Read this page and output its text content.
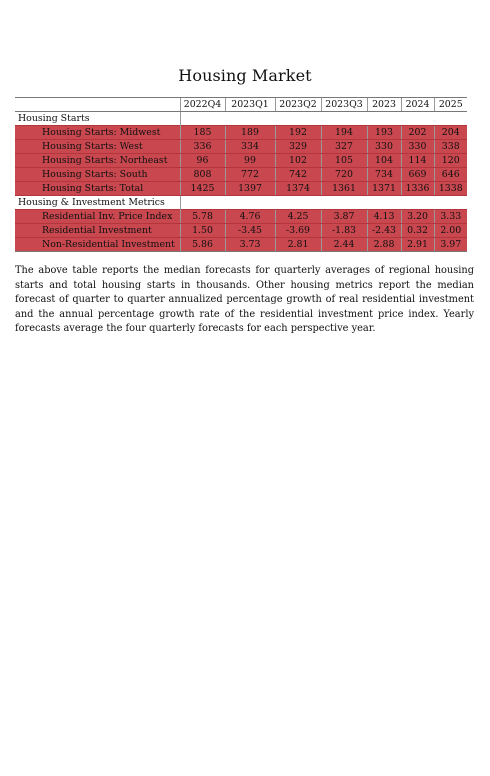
Housing Market
	2022Q4	2023Q1	2023Q2	2023Q3	2023	2024	2025
Housing Starts							
Housing Starts: Midwest	185	189	192	194	193	202	204
Housing Starts: West	336	334	329	327	330	330	338
Housing Starts: Northeast	96	99	102	105	104	114	120
Housing Starts: South	808	772	742	720	734	669	646
Housing Starts: Total	1425	1397	1374	1361	1371	1336	1338
Housing & Investment Metrics							
Residential Inv. Price Index	5.78	4.76	4.25	3.87	4.13	3.20	3.33
Residential Investment	1.50	-3.45	-3.69	-1.83	-2.43	0.32	2.00
Non-Residential Investment	5.86	3.73	2.81	2.44	2.88	2.91	3.97
The above table reports the median forecasts for quarterly averages of regional housing starts and total housing starts in thousands. Other housing metrics report the median forecast of quarter to quarter annualized percentage growth of real residential investment and the annual percentage growth rate of the residential investment price index. Yearly forecasts average the four quarterly forecasts for each perspective year.
